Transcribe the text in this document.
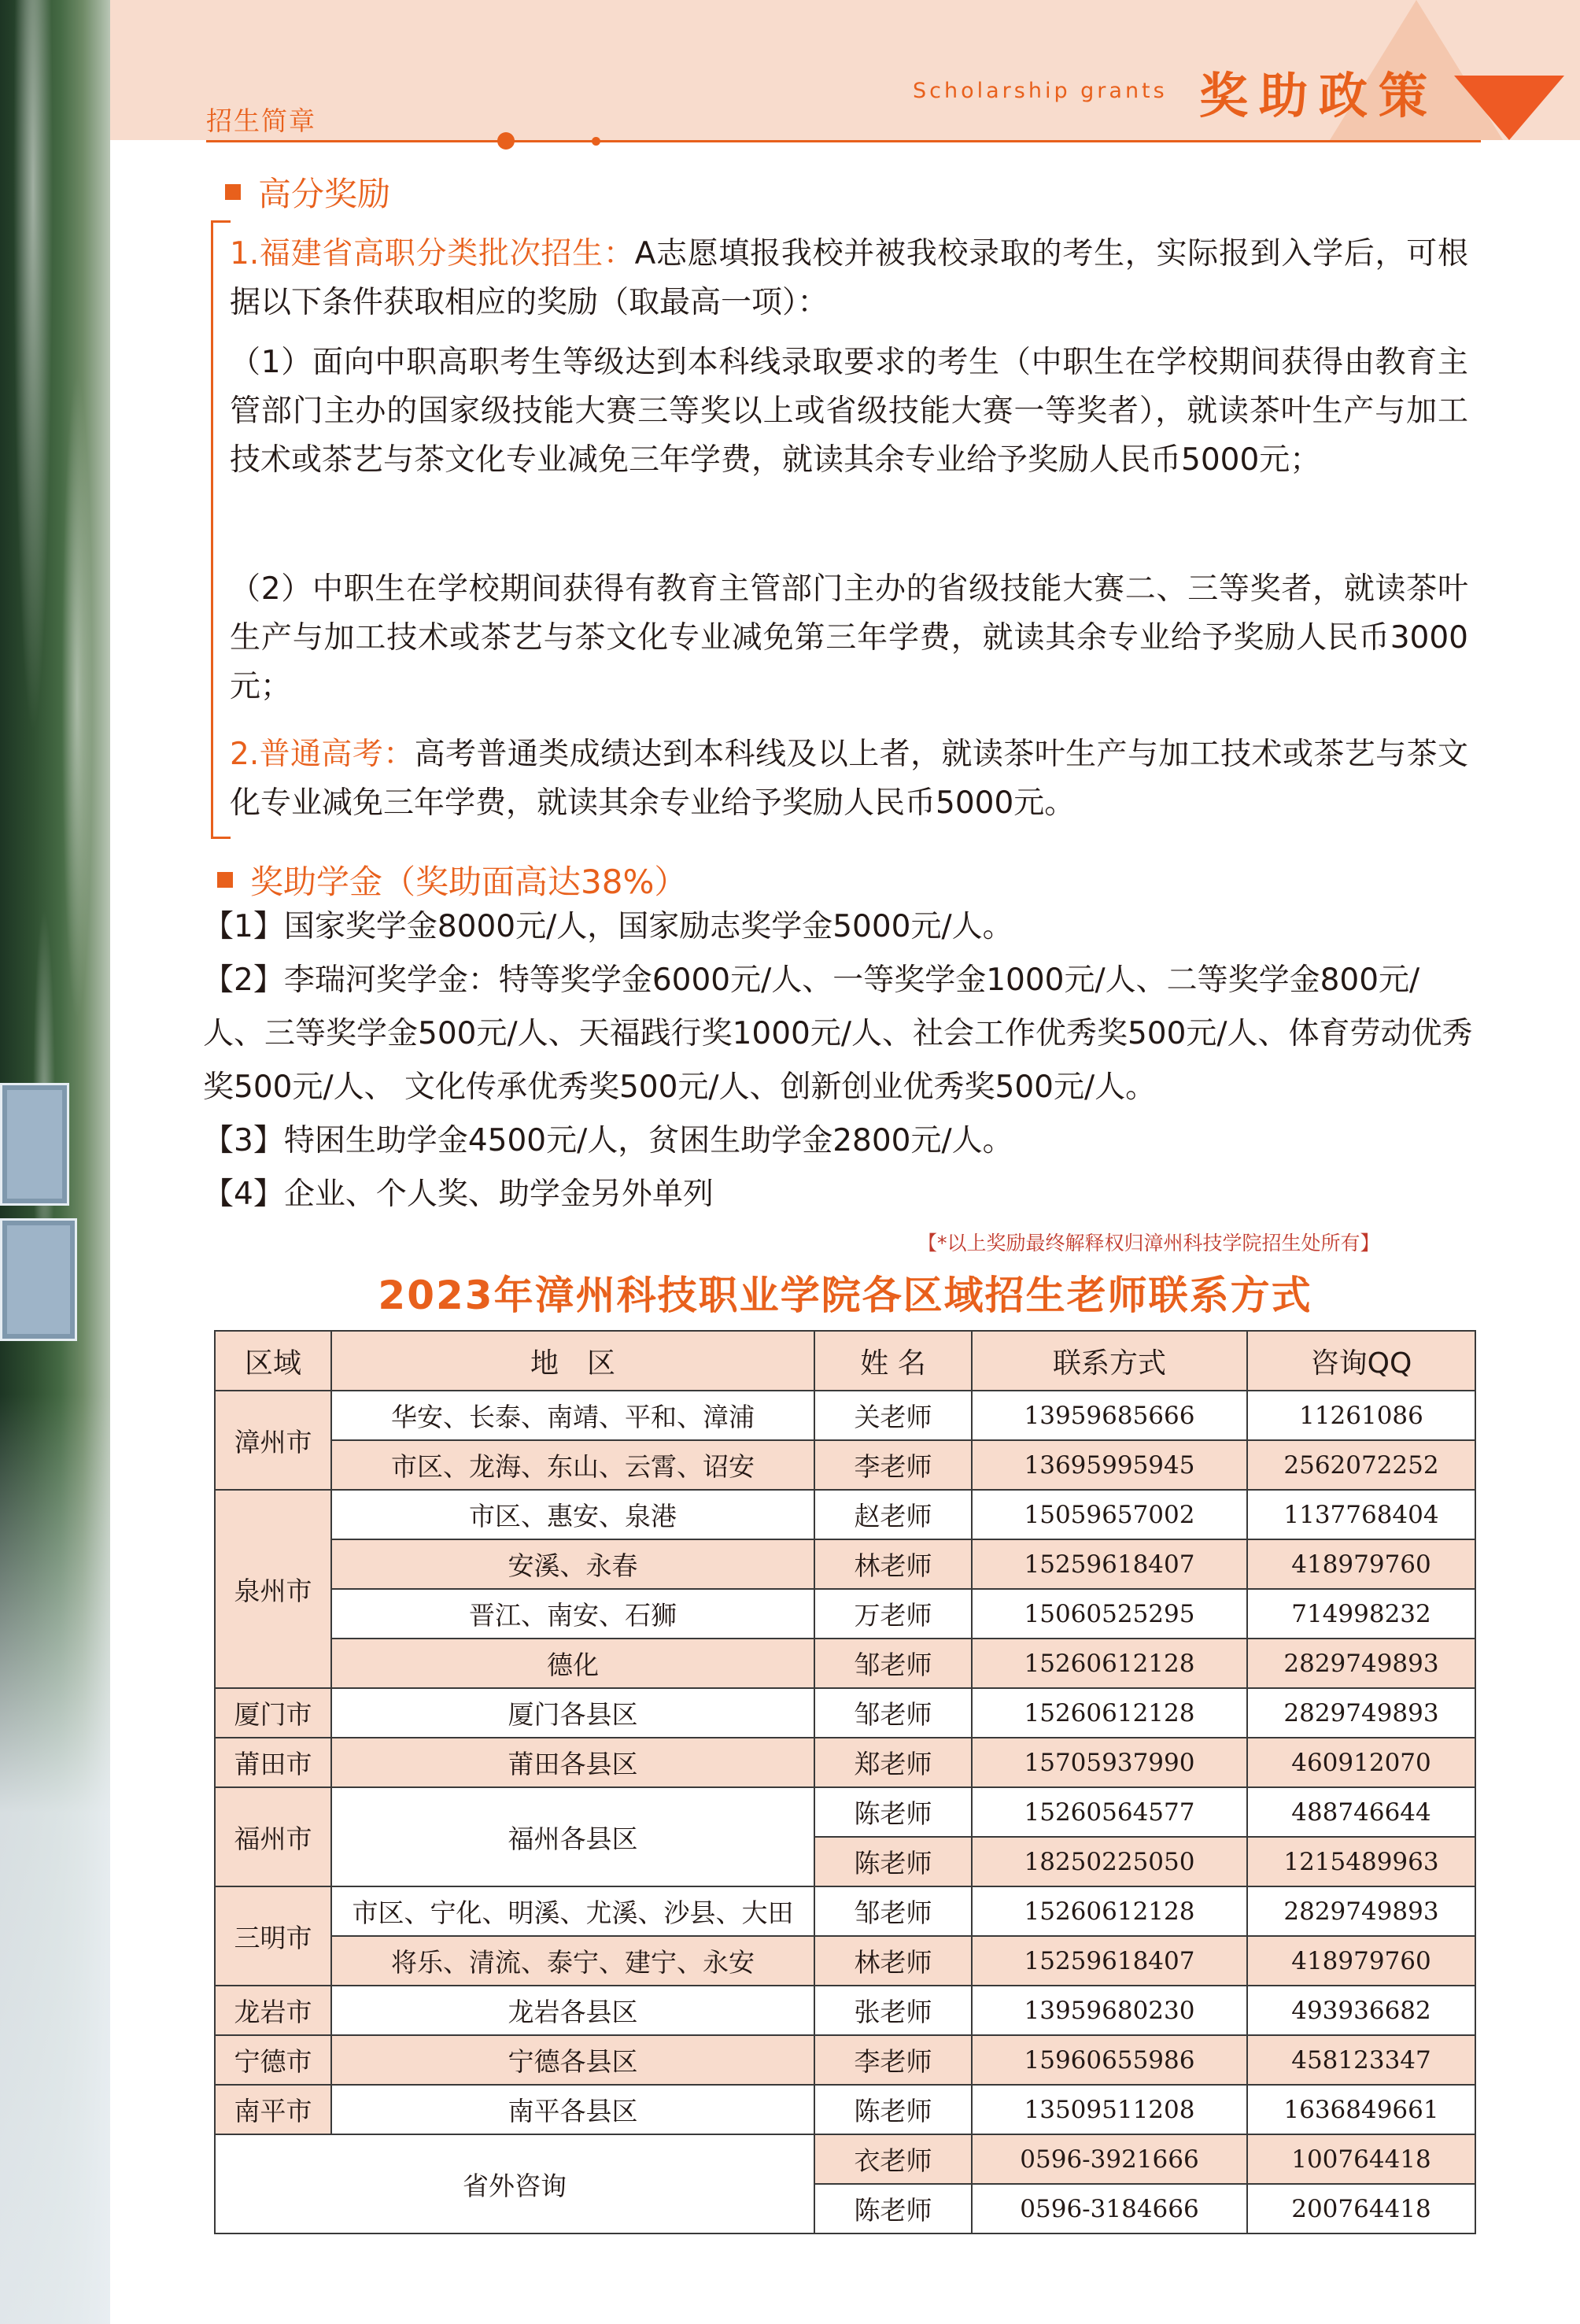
招生简章
Scholarship grants 奖助政策
高分奖励
1.福建省高职分类批次招生：A志愿填报我校并被我校录取的考生，实际报到入学后，可根据以下条件获取相应的奖励（取最高一项）：
（1）面向中职高职考生等级达到本科线录取要求的考生（中职生在学校期间获得由教育主管部门主办的国家级技能大赛三等奖以上或省级技能大赛一等奖者），就读茶叶生产与加工技术或茶艺与茶文化专业减免三年学费，就读其余专业给予奖励人民币5000元；
（2）中职生在学校期间获得有教育主管部门主办的省级技能大赛二、三等奖者，就读茶叶生产与加工技术或茶艺与茶文化专业减免第三年学费，就读其余专业给予奖励人民币3000元；
2.普通高考：高考普通类成绩达到本科线及以上者，就读茶叶生产与加工技术或茶艺与茶文化专业减免三年学费，就读其余专业给予奖励人民币5000元。
奖助学金（奖助面高达38%）

【1】国家奖学金8000元/人，国家励志奖学金5000元/人。

【2】李瑞河奖学金：特等奖学金6000元/人、一等奖学金1000元/人、二等奖学金800元/人、三等奖学金500元/人、天福践行奖1000元/人、社会工作优秀奖500元/人、体育劳动优秀奖500元/人、 文化传承优秀奖500元/人、创新创业优秀奖500元/人。

【3】特困生助学金4500元/人，贫困生助学金2800元/人。

【4】企业、个人奖、助学金另外单列

【*以上奖励最终解释权归漳州科技学院招生处所有】
2023年漳州科技职业学院各区域招生老师联系方式
区域	地　区	姓 名	联系方式	咨询QQ
漳州市	华安、长泰、南靖、平和、漳浦	关老师	13959685666	11261086
	市区、龙海、东山、云霄、诏安	李老师	13695995945	2562072252
泉州市	市区、惠安、泉港	赵老师	15059657002	1137768404
	安溪、永春	林老师	15259618407	418979760
	晋江、南安、石狮	万老师	15060525295	714998232
	德化	邹老师	15260612128	2829749893
厦门市	厦门各县区	邹老师	15260612128	2829749893
莆田市	莆田各县区	郑老师	15705937990	460912070
福州市	福州各县区	陈老师	15260564577	488746644
		陈老师	18250225050	1215489963
三明市	市区、宁化、明溪、尤溪、沙县、大田	邹老师	15260612128	2829749893
	将乐、清流、泰宁、建宁、永安	林老师	15259618407	418979760
龙岩市	龙岩各县区	张老师	13959680230	493936682
宁德市	宁德各县区	李老师	15960655986	458123347
南平市	南平各县区	陈老师	13509511208	1636849661
省外咨询		衣老师	0596-3921666	100764418
		陈老师	0596-3184666	200764418
